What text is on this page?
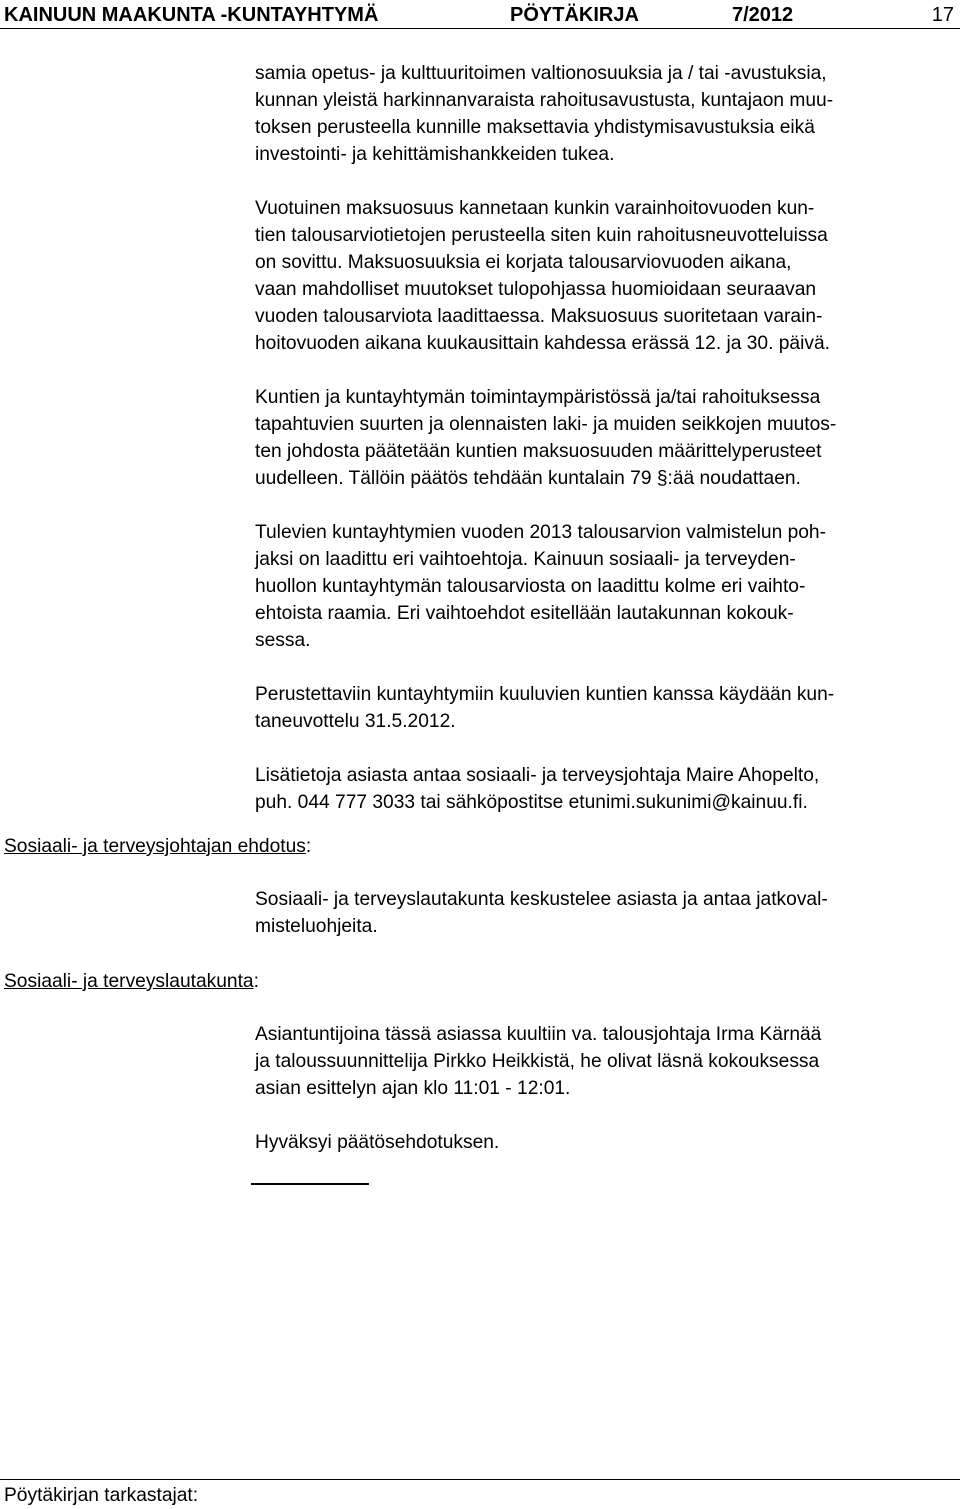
KAINUUN MAAKUNTA -KUNTAYHTYMÄ	PÖYTÄKIRJA	7/2012	17

samia opetus- ja kulttuuritoimen valtionosuuksia ja / tai -avustuksia,
kunnan yleistä harkinnanvaraista rahoitusavustusta, kuntajaon muu-
toksen perusteella kunnille maksettavia yhdistymisavustuksia eikä
investointi- ja kehittämishankkeiden tukea.

Vuotuinen maksuosuus kannetaan kunkin varainhoitovuoden kun-
tien talousarviotietojen perusteella siten kuin rahoitusneuvotteluissa
on sovittu. Maksuosuuksia ei korjata talousarviovuoden aikana,
vaan mahdolliset muutokset tulopohjassa huomioidaan seuraavan
vuoden talousarviota laadittaessa. Maksuosuus suoritetaan varain-
hoitovuoden aikana kuukausittain kahdessa erässä 12. ja 30. päivä.

Kuntien ja kuntayhtymän toimintaympäristössä ja/tai rahoituksessa
tapahtuvien suurten ja olennaisten laki- ja muiden seikkojen muutos-
ten johdosta päätetään kuntien maksuosuuden määrittelyperusteet
uudelleen. Tällöin päätös tehdään kuntalain 79 §:ää noudattaen.

Tulevien kuntayhtymien vuoden 2013 talousarvion valmistelun poh-
jaksi on laadittu eri vaihtoehtoja. Kainuun sosiaali- ja terveyden-
huollon kuntayhtymän talousarviosta on laadittu kolme eri vaihto-
ehtoista raamia. Eri vaihtoehdot esitellään lautakunnan kokouk-
sessa.

Perustettaviin kuntayhtymiin kuuluvien kuntien kanssa käydään kun-
taneuvottelu 31.5.2012.

Lisätietoja asiasta antaa sosiaali- ja terveysjohtaja Maire Ahopelto,
puh. 044 777 3033 tai sähköpostitse etunimi.sukunimi@kainuu.fi.

Sosiaali- ja terveyslautakunta keskustelee asiasta ja antaa jatkoval-
misteluohjeita.

Asiantuntijoina tässä asiassa kuultiin va. talousjohtaja Irma Kärnää
ja taloussuunnittelija Pirkko Heikkistä, he olivat läsnä kokouksessa
asian esittelyn ajan klo 11:01 - 12:01.

Hyväksyi päätösehdotuksen.

Sosiaali- ja terveysjohtajan ehdotus:
Sosiaali- ja terveyslautakunta:
Pöytäkirjan tarkastajat:
